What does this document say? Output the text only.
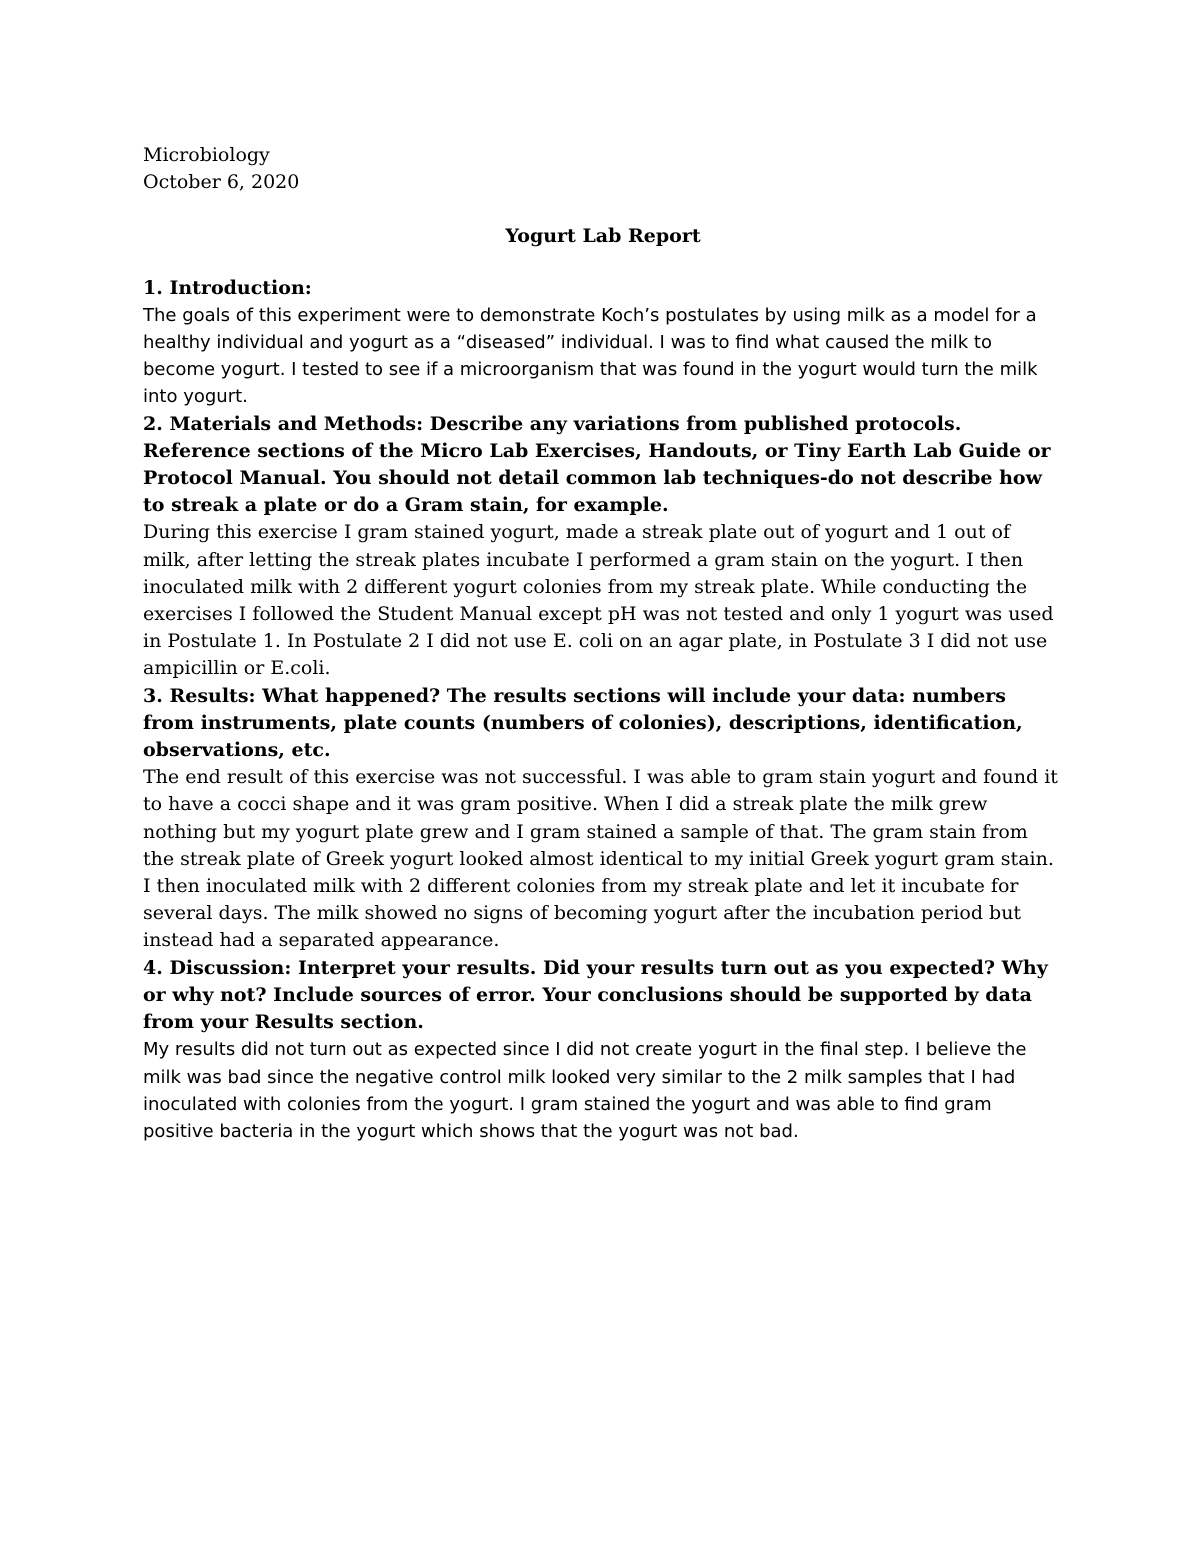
Microbiology
October 6, 2020
Yogurt Lab Report
1. Introduction:

The goals of this experiment were to demonstrate Koch’s postulates by using milk as a model for a healthy individual and yogurt as a “diseased” individual. I was to find what caused the milk to become yogurt. I tested to see if a microorganism that was found in the yogurt would turn the milk into yogurt.

2. Materials and Methods: Describe any variations from published protocols. Reference sections of the Micro Lab Exercises, Handouts, or Tiny Earth Lab Guide or Protocol Manual. You should not detail common lab techniques-do not describe how to streak a plate or do a Gram stain, for example.

During this exercise I gram stained yogurt, made a streak plate out of yogurt and 1 out of milk, after letting the streak plates incubate I performed a gram stain on the yogurt. I then inoculated milk with 2 different yogurt colonies from my streak plate. While conducting the exercises I followed the Student Manual except pH was not tested and only 1 yogurt was used in Postulate 1. In Postulate 2 I did not use E. coli on an agar plate, in Postulate 3 I did not use ampicillin or E.coli.

3. Results: What happened? The results sections will include your data: numbers from instruments, plate counts (numbers of colonies), descriptions, identification, observations, etc.

The end result of this exercise was not successful. I was able to gram stain yogurt and found it to have a cocci shape and it was gram positive. When I did a streak plate the milk grew nothing but my yogurt plate grew and I gram stained a sample of that. The gram stain from the streak plate of Greek yogurt looked almost identical to my initial Greek yogurt gram stain. I then inoculated milk with 2 different colonies from my streak plate and let it incubate for several days. The milk showed no signs of becoming yogurt after the incubation period but instead had a separated appearance.

4. Discussion: Interpret your results. Did your results turn out as you expected? Why or why not? Include sources of error. Your conclusions should be supported by data from your Results section.

My results did not turn out as expected since I did not create yogurt in the final step. I believe the milk was bad since the negative control milk looked very similar to the 2 milk samples that I had inoculated with colonies from the yogurt. I gram stained the yogurt and was able to find gram positive bacteria in the yogurt which shows that the yogurt was not bad.
